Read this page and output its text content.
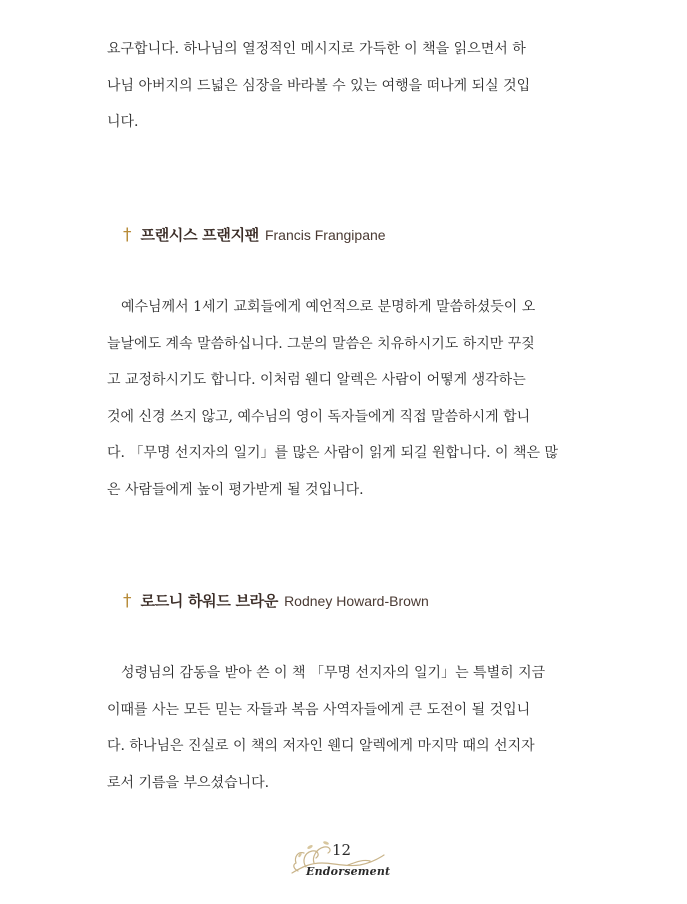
요구합니다. 하나님의 열정적인 메시지로 가득한 이 책을 읽으면서 하
나님 아버지의 드넓은 심장을 바라볼 수 있는 여행을 떠나게 되실 것입
니다.

† 프랜시스 프랜지팬 Francis Frangipane

예수님께서 1세기 교회들에게 예언적으로 분명하게 말씀하셨듯이 오
늘날에도 계속 말씀하십니다. 그분의 말씀은 치유하시기도 하지만 꾸짖
고 교정하시기도 합니다. 이처럼 웬디 알렉은 사람이 어떻게 생각하는
것에 신경 쓰지 않고, 예수님의 영이 독자들에게 직접 말씀하시게 합니
다. 「무명 선지자의 일기」를 많은 사람이 읽게 되길 원합니다. 이 책은 많
은 사람들에게 높이 평가받게 될 것입니다.

† 로드니 하워드 브라운 Rodney Howard-Brown

성령님의 감동을 받아 쓴 이 책 「무명 선지자의 일기」는 특별히 지금
이때를 사는 모든 믿는 자들과 복음 사역자들에게 큰 도전이 될 것입니
다. 하나님은 진실로 이 책의 저자인 웬디 알렉에게 마지막 때의 선지자
로서 기름을 부으셨습니다.

12
Endorsement
